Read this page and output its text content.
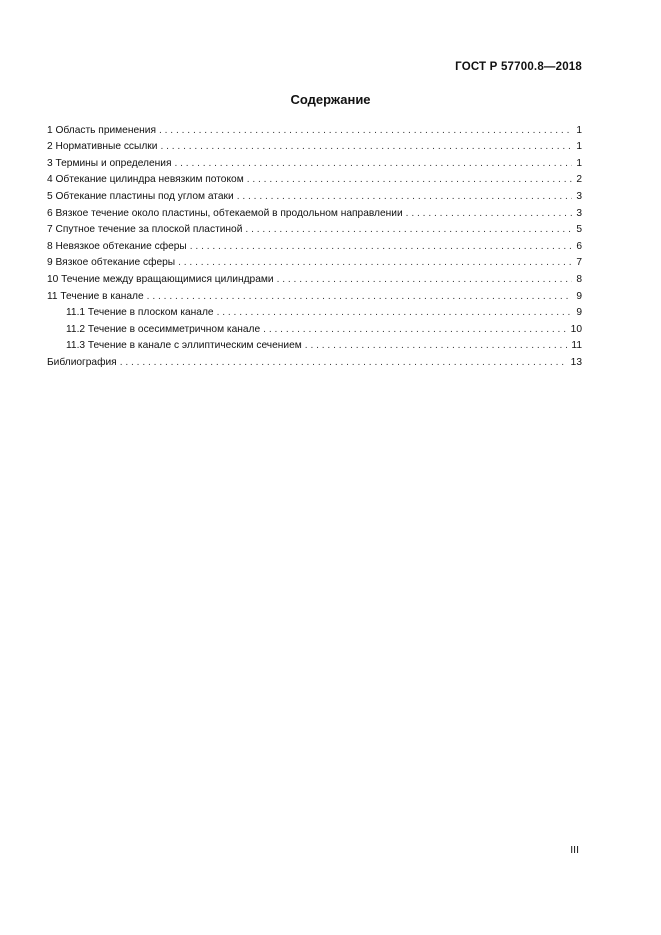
ГОСТ Р 57700.8—2018
Содержание
1 Область применения . . .	1
2 Нормативные ссылки . . .	1
3 Термины и определения . . .	1
4 Обтекание цилиндра невязким потоком . . .	2
5 Обтекание пластины под углом атаки . . .	3
6 Вязкое течение около пластины, обтекаемой в продольном направлении . . .	3
7 Спутное течение за плоской пластиной . . .	5
8 Невязкое обтекание сферы . . .	6
9 Вязкое обтекание сферы . . .	7
10 Течение между вращающимися цилиндрами . . .	8
11 Течение в канале . . .	9
11.1 Течение в плоском канале . . .	9
11.2 Течение в осесимметричном канале . . .	10
11.3 Течение в канале с эллиптическим сечением . . .	11
Библиография . . .	13
III
